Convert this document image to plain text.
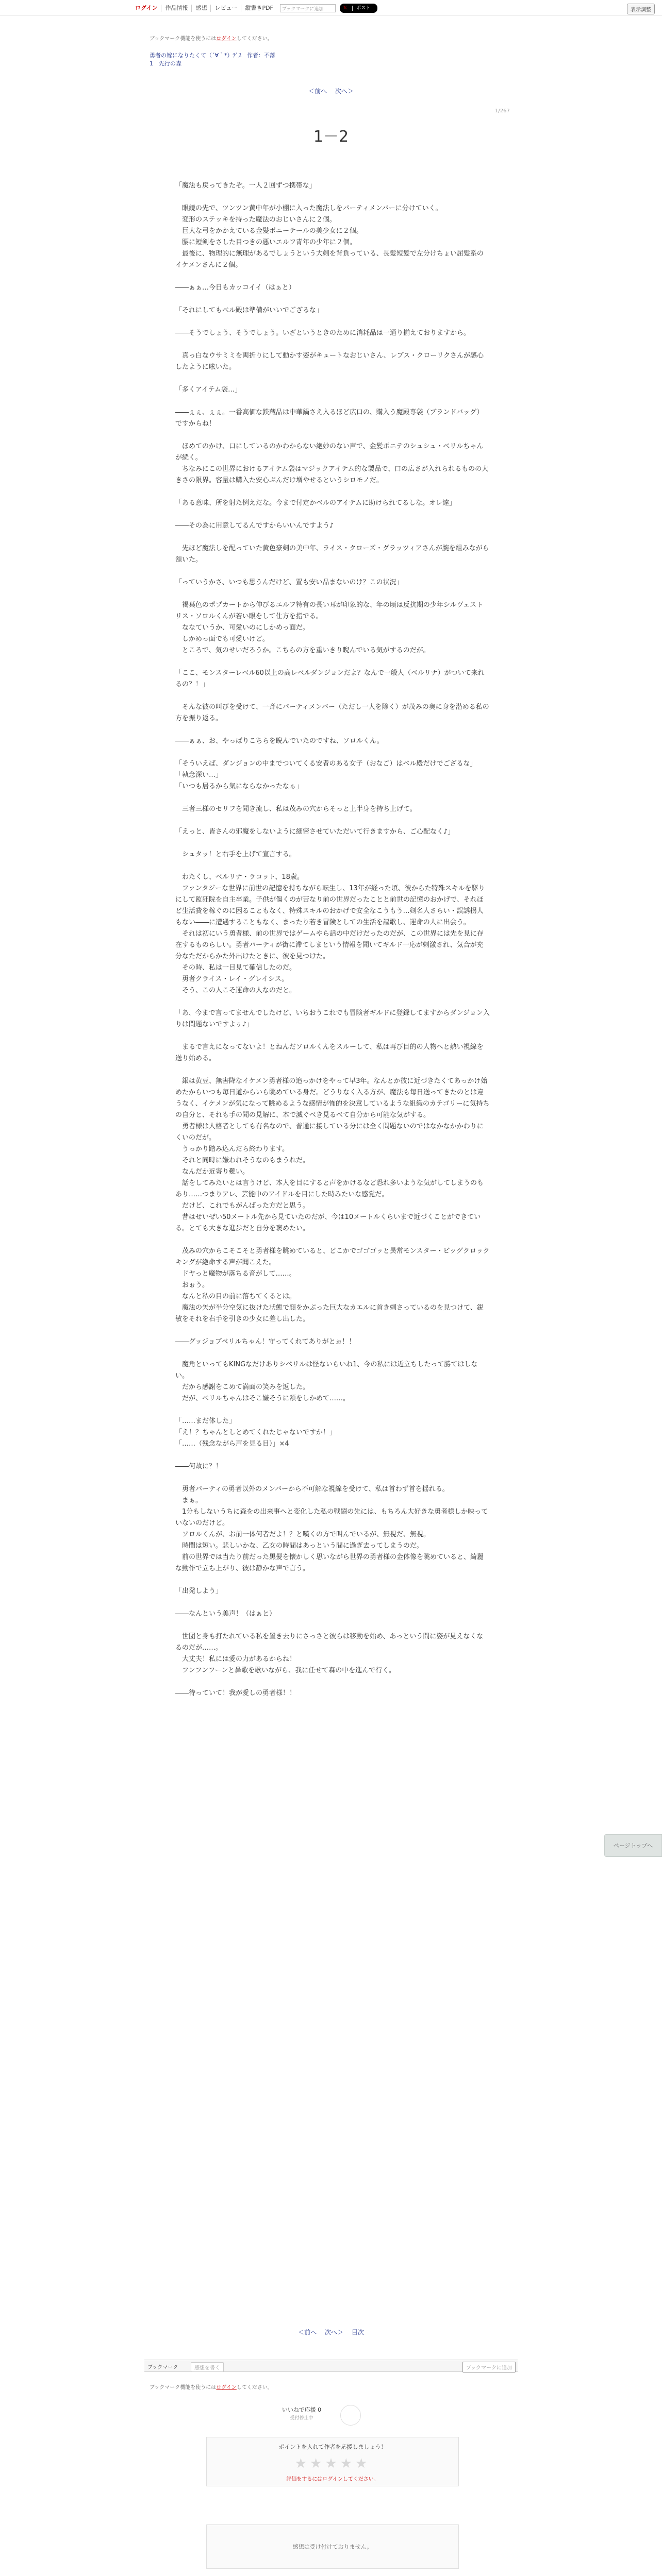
ログイン	作品情報	感想	レビュー	縦書きPDF	ブックマークに追加	𝕏 ポスト	表示調整
ブックマーク機能を使うにはログインしてください。
勇者の嫁になりたくて（´∀｀*）ﾃﾞｽ　作者：不落
1　先行の森
＜前へ 次へ＞
1/267
1－2

「魔法も戻ってきたぞ。一人２回ずつ携帯な」

　眼鏡の先で、ツンツン黄中年が小棚に入った魔法しをパーティメンバーに分けていく。

　変形のステッキを持った魔法のおじいさんに２個。

　巨大な弓をかかえている金髪ポニーテールの美少女に２個。

　腰に短剣をさした目つきの悪いエルフ青年の少年に２個。

　最後に、物理的に無理があるでしょうという大剣を背負っている、長髪短髪で左分けちょい屈髪系のイケメンさんに２個。

――ぁぁ…今日もカッコイイ（はぁと）

「それにしてもベル殿は準備がいいでござるな」

――そうでしょう、そうでしょう。いざというときのために消耗品は一通り揃えておりますから。

　真っ白なウサミミを両折りにして動かす姿がキュートなおじいさん、レブス・クローリクさんが感心したように呟いた。

「多くアイテム袋…」

――ぇぇ、ぇぇ。一番高価な鉄蔵品は中華鍋さえ入るほど広口の、購入う魔殿専袋（ブランドバッグ）ですからね！

　ほめてのかけ、口にしているのかわからない絶妙のない声で、金髪ポニテのシュシュ・ベリルちゃんが続く。

　ちなみにこの世界におけるアイテム袋はマジックアイテム的な製品で、口の広さが入れられるものの大きさの限界。容量は購入た安心ぷんだけ増やせるというシロモノだ。

「ある意味、所を射た例えだな。今まで付定かベルのアイテムに助けられてるしな。オレ達」

――その為に用意してるんですからいいんですよう♪

　先ほど魔法しを配っていた黄色豪剣の美中年、ライス・クローズ・グラッツィアさんが腕を組みながら頷いた。

「っていうかさ、いつも思うんだけど、置も安い品まないのけ？この状況」

　褐葉色のポプカートから伸びるエルフ特有の長い耳が印象的な、年の頃は反抗期の少年シルヴェストリス・ソロルくんが若い眼をして仕方を指でる。

　ななていうか、可愛いのにしかめっ面だ。

　しかめっ面でも可愛いけど。

　ところで、気のせいだろうか。こちらの方を重いきり睨んでいる気がするのだが。

「ここ、モンスターレベル60以上の高レベルダンジョンだよ？なんで一般人（ベルリナ）がついて来れるの？！」

　そんな彼の叫びを受けて、一斉にパーティメンバー（ただし一人を除く）が茂みの奥に身を潜める私の方を振り返る。

――ぁぁ、お、やっぱりこちらを睨んでいたのですね、ソロルくん。

「そういえば、ダンジョンの中までついてくる安者のある女子（おなご）はベル殿だけでござるな」

「執念深い…」

「いつも居るから気にならなかったなぁ」

　三者三様のセリフを聞き流し、私は茂みの穴からそっと上半身を持ち上げて。

「えっと、皆さんの邪魔をしないように細密させていただいて行きますから、ご心配なく♪」

　シュタッ！と右手を上げて宣言する。

　わたくし、ベルリナ・ラコット、18歳。

　ファンタジーな世界に前世の記憶を持ちながら転生し、13年が経った頃、彼からた特殊スキルを駆りにして監狂院を自主卒業。子供が傷くのが苦なり前の世界だったことと前世の記憶のおかげで、それほど生活費を稼ぐのに困ることもなく、特殊スキルのおかげで安全なこうもう…剣名人さらい・誤誘拐人もない――に遭遇することもなく、まったり若き冒険としての生活を謳歌し、運命の人に出会う。

　それは初にいう勇者様、前の世界ではゲームやら話の中だけだったのだが、この世界には先を見に存在するものらしい。勇者パーティが街に滞てしまという情報を聞いてギルド一応が刺激され、気合が充分なただからかた外出けたときに、彼を見つけた。

　その時、私は一目見て確信したのだ。

　勇者クライス・レイ・グレイシス。

　そう、この人こそ運命の人なのだと。

「あ、今まで言ってませんでしたけど、いちおうこれでも冒険者ギルドに登録してますからダンジョン入りは問題ないですよぅ♪」

　まるで言えになってないよ！とねんだソロルくんをスルーして、私は再び目的の人物へと熱い視線を送り始める。

　銀は黄豆、無害降なイケメン勇者様の追っかけをやって早3年。なんとか彼に近づきたくてあっかけ始めたからいつも毎日道からいら眺めている身だ。どうりなく入る方が、魔法も毎日送ってきたのとは違うなく、イケメンが気になって眺めるような感情が怖的を決意しているような組織のカテゴリーに気持ちの自分と、それも手の聞の見解に、本で滅ぐべき見るべて自分から可能な気がする。

　勇者様は人格者としても有名なので、普通に接している分には全く問題ないのではなかなかかわりにくいのだが。

　うっかり踏み込んだら終わります。

　それと同時に嫌われそうなのもまうれだ。

　なんだか近寄り難い。

　話をしてみたいとは言うけど、本人を目にすると声をかけるなど恐れ多いような気がしてしまうのもあり……つまりアレ、芸能中のアイドルを目にした時みたいな感覚だ。

　だけど、これでもがんばった方だと思う。

　昔はせいぜい50メートル先から見ていたのだが、今は10メートルくらいまで近づくことができている。とても大きな進歩だと自分を褒めたい。

　茂みの穴からこそこそと勇者様を眺めていると、どこかでゴゴゴッと異常モンスター・ビッグクロックキングが絶命する声が聞こえた。

　ドヤっと魔物が落ちる音がして……。

　おぉう。

　なんと私の目の前に落ちてくるとは。

　魔法の矢が半分空気に抜けた状態で顔をかぶった巨大なカエルに首き刺さっているのを見つけて、鋭敏をそれを右手を引きの少女に差し出した。

――グッジョブベリルちゃん！守ってくれてありがとぉ！！

　魔角といってもKINGなだけありシベリルは怪ないらいね1、今の私には近立ちしたって勝てはしない。

　だから感謝をこめて満面の笑みを返した。

　だが、ベリルちゃんはそこ嫌そうに頷をしかめて……。

「……まだ体した」

「え！？ちゃんとしとめてくれたじゃないですか！」

「……（残念ながら声を見る目）」×4

――何故に？！

　勇者パーティの勇者以外のメンバーから不可解な視線を受けて、私は首わず首を揺れる。

　まぁ。

　1分もしないうちに森をの出来事へと変化した私の戦闘の先には、もちろん大好きな勇者様しか映っていないのだけど。

　ソロルくんが、お前一体何者だよ！？と嘆くの方で叫んでいるが、無視だ、無視。

　時間は短い。悲しいかな、乙女の時間はあっという間に過ぎ去ってしまうのだ。

　前の世界では当たり前だった黒髪を懐かしく思いながら世界の勇者様の金体像を眺めていると、綺麗な動作で立ち上がり、彼は静かな声で言う。

「出発しよう」

――なんという美声！（はぁと）

　世団と身も打たれている私を置き去りにさっさと彼らは移動を始め、あっという間に姿が見えなくなるのだが……。

　大丈夫！私には愛の力があるからね！

　フンフンフーンと鼻歌を歌いながら、我に任せて森の中を進んで行く。

――待っていて！我が愛しの勇者様！！

ページトップへ
＜前へ 次へ＞ 目次
ブックマーク	感想を書く	ブックマークに追加
ブックマーク機能を使うにはログインしてください。
いいねで応援 0
受付停止中
ポイントを入れて作者を応援しましょう！
★★★★★
評価をするにはログインしてください。
感想は受け付けておりません。
